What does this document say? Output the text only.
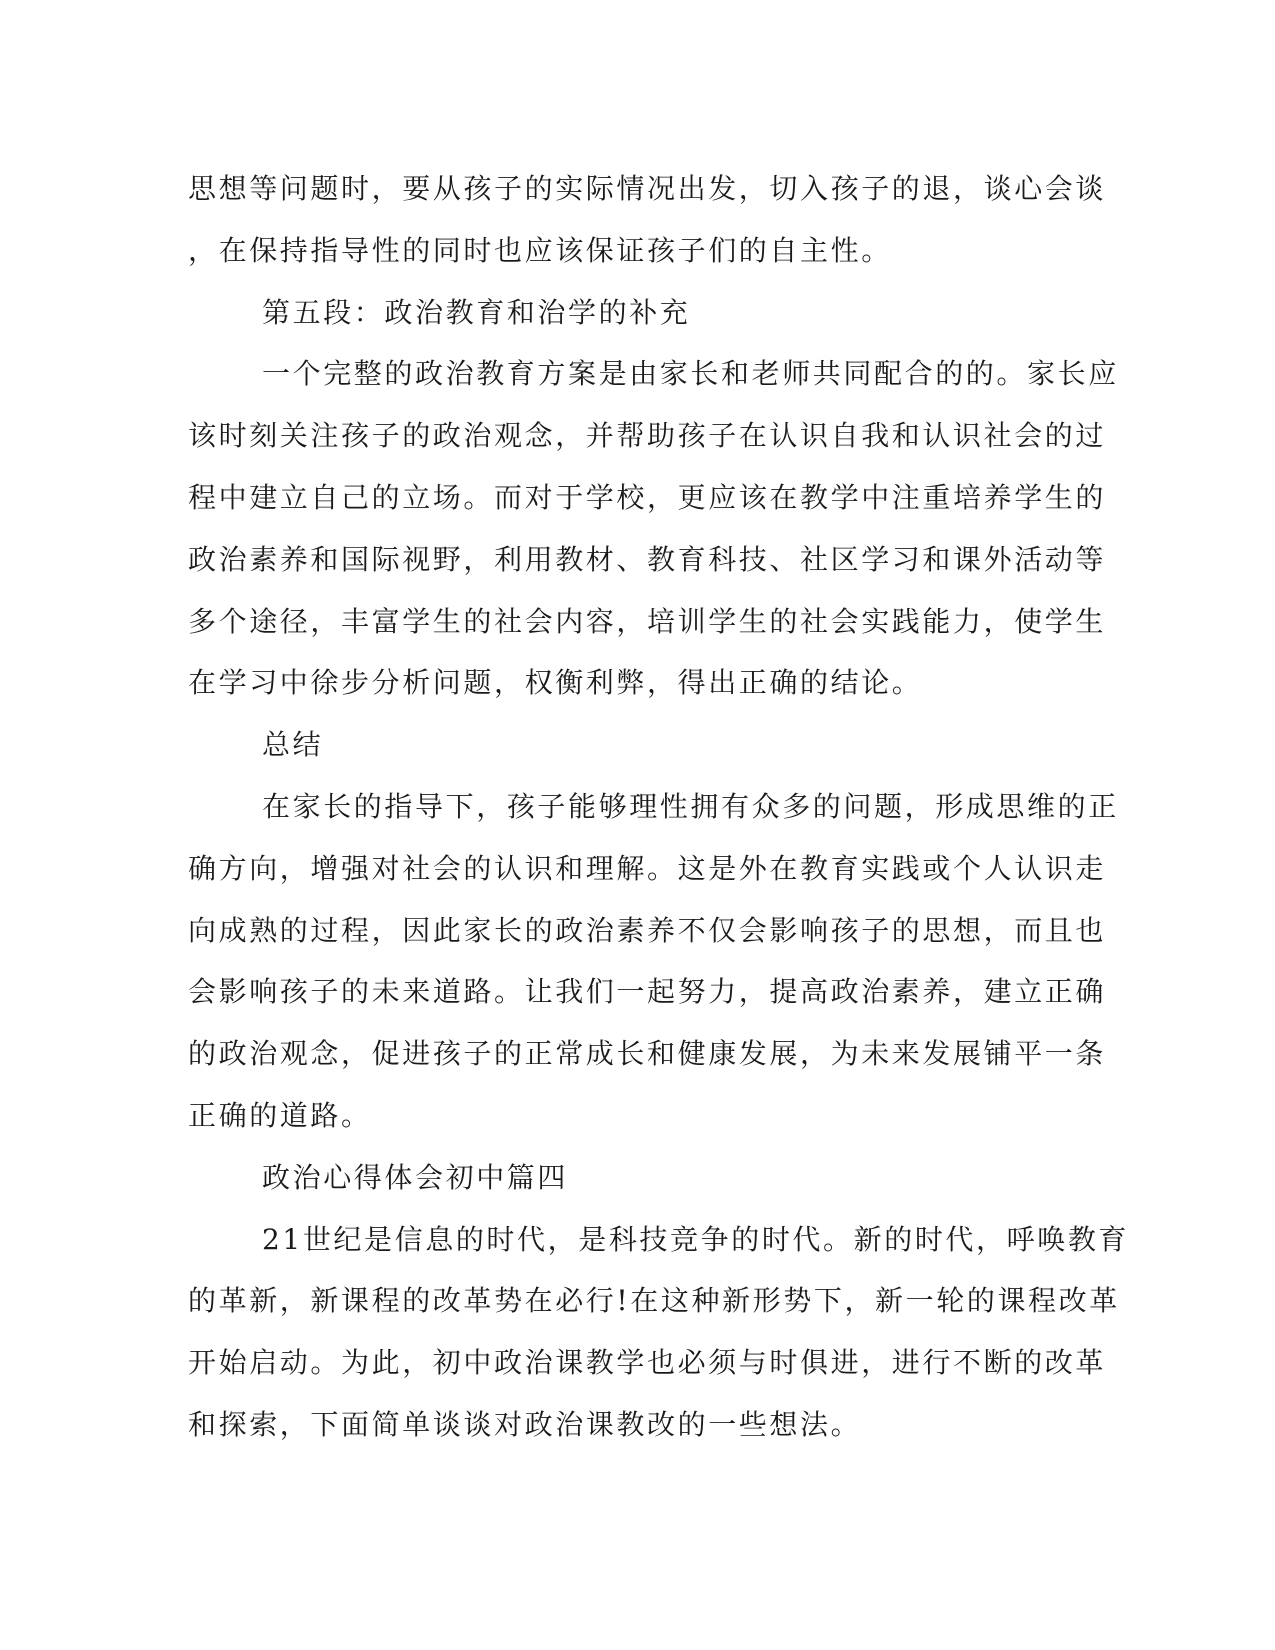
思想等问题时，要从孩子的实际情况出发，切入孩子的退，谈心会谈
，在保持指导性的同时也应该保证孩子们的自主性。
第五段：政治教育和治学的补充
一个完整的政治教育方案是由家长和老师共同配合的的。家长应
该时刻关注孩子的政治观念，并帮助孩子在认识自我和认识社会的过
程中建立自己的立场。而对于学校，更应该在教学中注重培养学生的
政治素养和国际视野，利用教材、教育科技、社区学习和课外活动等
多个途径，丰富学生的社会内容，培训学生的社会实践能力，使学生
在学习中徐步分析问题，权衡利弊，得出正确的结论。
总结
在家长的指导下，孩子能够理性拥有众多的问题，形成思维的正
确方向，增强对社会的认识和理解。这是外在教育实践或个人认识走
向成熟的过程，因此家长的政治素养不仅会影响孩子的思想，而且也
会影响孩子的未来道路。让我们一起努力，提高政治素养，建立正确
的政治观念，促进孩子的正常成长和健康发展，为未来发展铺平一条
正确的道路。
政治心得体会初中篇四
21世纪是信息的时代，是科技竞争的时代。新的时代，呼唤教育
的革新，新课程的改革势在必行!在这种新形势下，新一轮的课程改革
开始启动。为此，初中政治课教学也必须与时俱进，进行不断的改革
和探索，下面简单谈谈对政治课教改的一些想法。
